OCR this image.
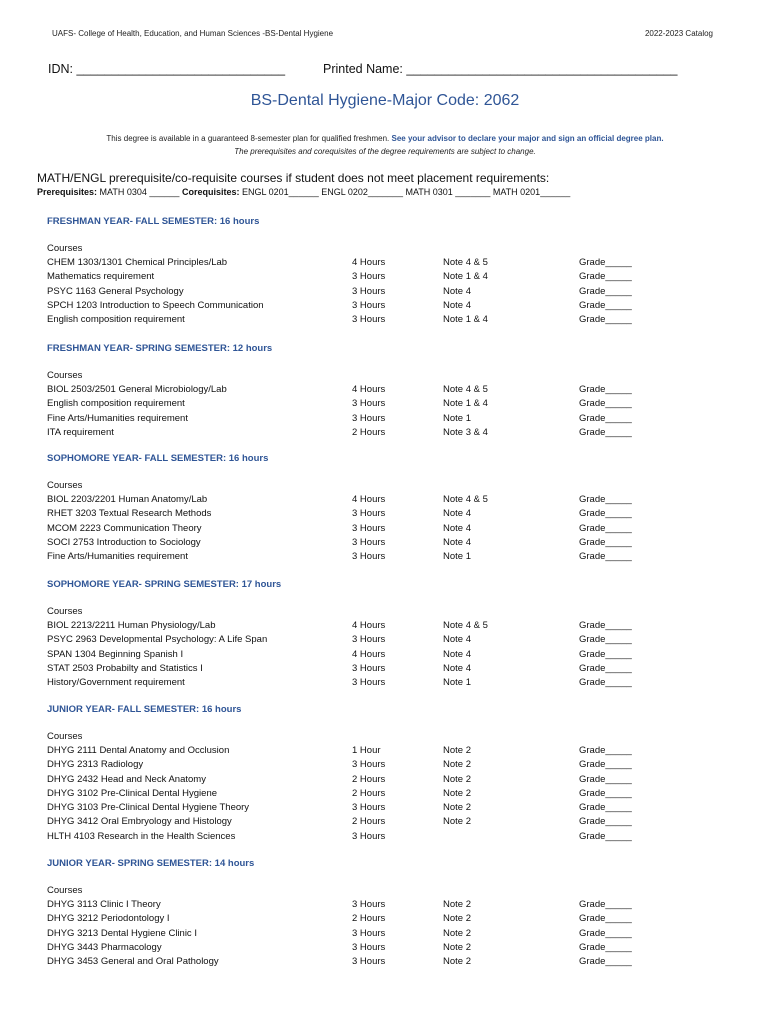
UAFS- College of Health, Education, and Human Sciences -BS-Dental Hygiene	2022-2023 Catalog
IDN: ______________________________	Printed Name: _______________________________________
BS-Dental Hygiene-Major Code: 2062
This degree is available in a guaranteed 8-semester plan for qualified freshmen. See your advisor to declare your major and sign an official degree plan.
The prerequisites and corequisites of the degree requirements are subject to change.
MATH/ENGL prerequisite/co-requisite courses if student does not meet placement requirements:
Prerequisites: MATH 0304 ______ Corequisites: ENGL 0201______ ENGL 0202_______ MATH 0301 _______ MATH 0201______
FRESHMAN YEAR- FALL SEMESTER: 16 hours
Courses
CHEM 1303/1301 Chemical Principles/Lab	4 Hours	Note 4 & 5	Grade_____
Mathematics requirement	3 Hours	Note 1 & 4	Grade_____
PSYC 1163 General Psychology	3 Hours	Note 4	Grade_____
SPCH 1203 Introduction to Speech Communication	3 Hours	Note 4	Grade_____
English composition requirement	3 Hours	Note 1 & 4	Grade_____
FRESHMAN YEAR- SPRING SEMESTER: 12 hours
Courses
BIOL 2503/2501 General Microbiology/Lab	4 Hours	Note 4 & 5	Grade_____
English composition requirement	3 Hours	Note 1 & 4	Grade_____
Fine Arts/Humanities requirement	3 Hours	Note 1	Grade_____
ITA requirement	2 Hours	Note 3 & 4	Grade_____
SOPHOMORE YEAR- FALL SEMESTER: 16 hours
Courses
BIOL 2203/2201 Human Anatomy/Lab	4 Hours	Note 4 & 5	Grade_____
RHET 3203 Textual Research Methods	3 Hours	Note 4	Grade_____
MCOM 2223 Communication Theory	3 Hours	Note 4	Grade_____
SOCI 2753 Introduction to Sociology	3 Hours	Note 4	Grade_____
Fine Arts/Humanities requirement	3 Hours	Note 1	Grade_____
SOPHOMORE YEAR- SPRING SEMESTER: 17 hours
Courses
BIOL 2213/2211 Human Physiology/Lab	4 Hours	Note 4 & 5	Grade_____
PSYC 2963 Developmental Psychology: A Life Span	3 Hours	Note 4	Grade_____
SPAN 1304 Beginning Spanish I	4 Hours	Note 4	Grade_____
STAT 2503 Probabilty and Statistics I	3 Hours	Note 4	Grade_____
History/Government requirement	3 Hours	Note 1	Grade_____
JUNIOR YEAR- FALL SEMESTER: 16 hours
Courses
DHYG 2111 Dental Anatomy and Occlusion	1 Hour	Note 2	Grade_____
DHYG 2313 Radiology	3 Hours	Note 2	Grade_____
DHYG 2432 Head and Neck Anatomy	2 Hours	Note 2	Grade_____
DHYG 3102 Pre-Clinical Dental Hygiene	2 Hours	Note 2	Grade_____
DHYG 3103 Pre-Clinical Dental Hygiene Theory	3 Hours	Note 2	Grade_____
DHYG 3412 Oral Embryology and Histology	2 Hours	Note 2	Grade_____
HLTH 4103 Research in the Health Sciences	3 Hours	Grade_____
JUNIOR YEAR- SPRING SEMESTER: 14 hours
Courses
DHYG 3113 Clinic I Theory	3 Hours	Note 2	Grade_____
DHYG 3212 Periodontology I	2 Hours	Note 2	Grade_____
DHYG 3213 Dental Hygiene Clinic I	3 Hours	Note 2	Grade_____
DHYG 3443 Pharmacology	3 Hours	Note 2	Grade_____
DHYG 3453 General and Oral Pathology	3 Hours	Note 2	Grade_____
